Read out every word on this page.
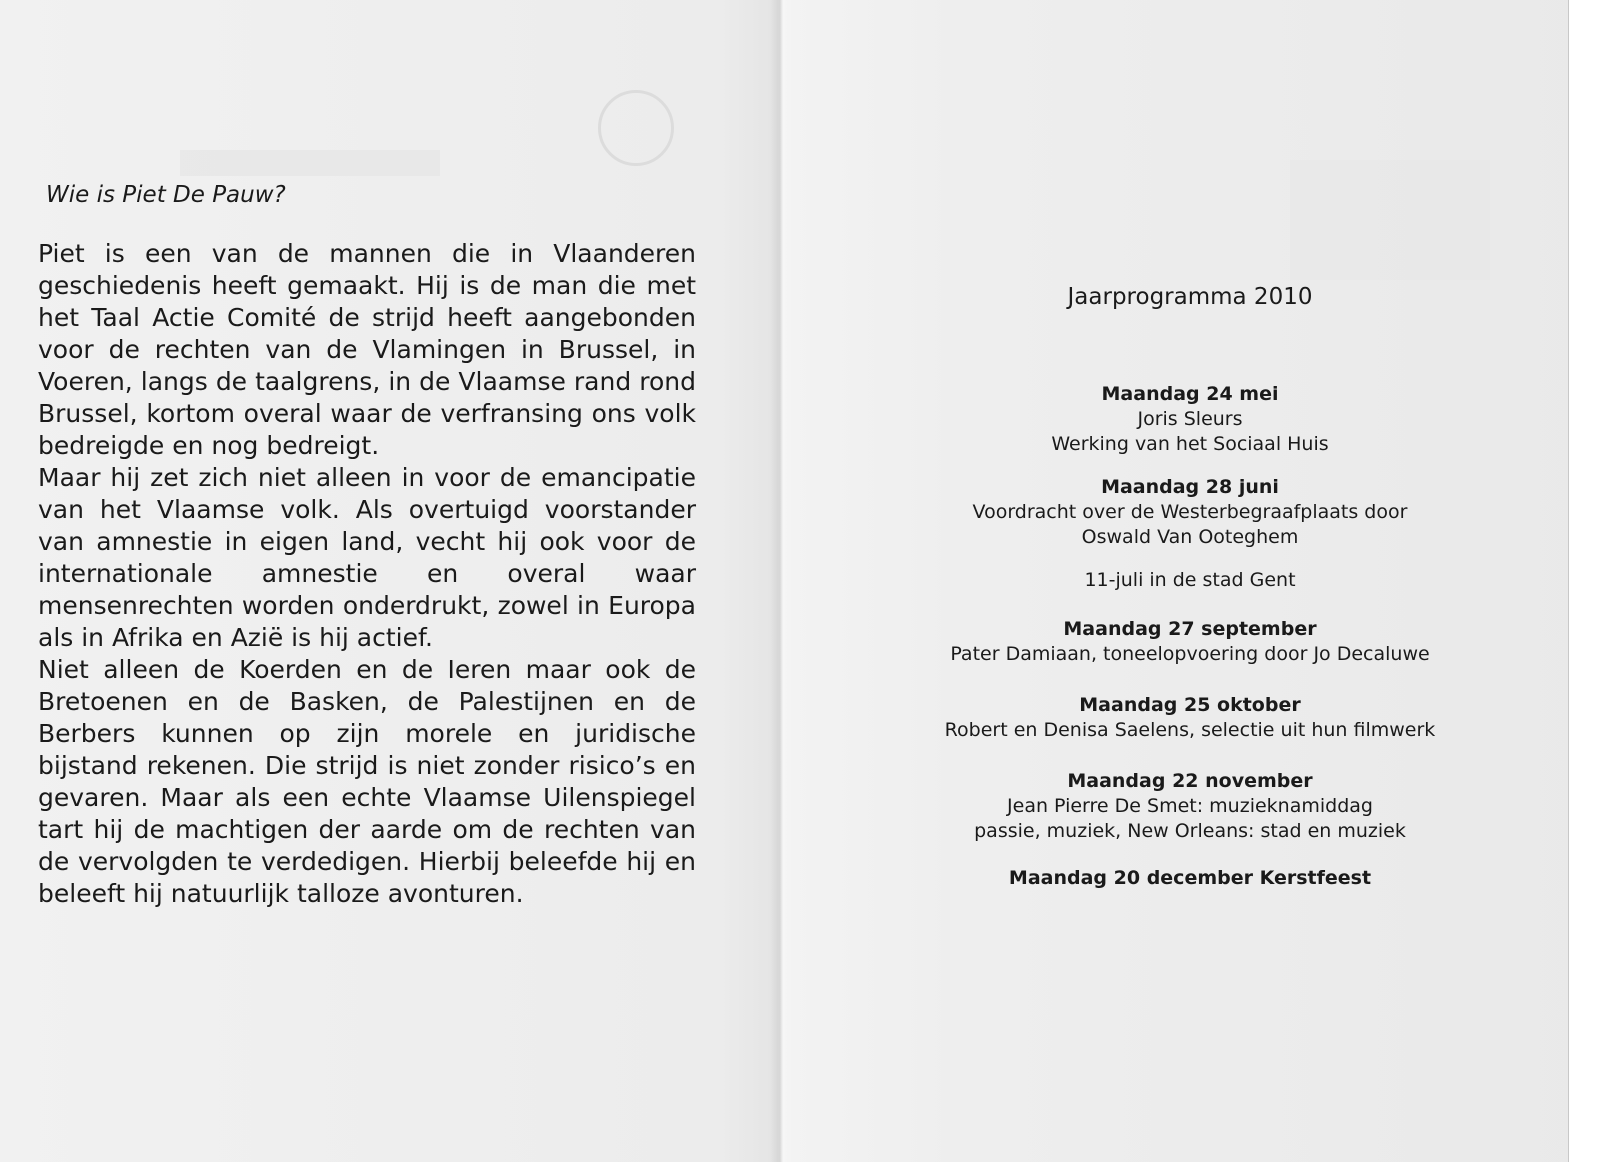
Wie is Piet De Pauw?

Piet is een van de mannen die in Vlaanderen geschiedenis heeft gemaakt. Hij is de man die met het Taal Actie Comité de strijd heeft aangebonden voor de rechten van de Vlamingen in Brussel, in Voeren, langs de taalgrens, in de Vlaamse rand rond Brussel, kortom overal waar de verfransing ons volk bedreigde en nog bedreigt.

Maar hij zet zich niet alleen in voor de emancipatie van het Vlaamse volk. Als overtuigd voorstander van amnestie in eigen land, vecht hij ook voor de internationale amnestie en overal waar mensenrechten worden onderdrukt, zowel in Europa als in Afrika en Azië is hij actief.

Niet alleen de Koerden en de Ieren maar ook de Bretoenen en de Basken, de Palestijnen en de Berbers kunnen op zijn morele en juridische bijstand rekenen. Die strijd is niet zonder risico’s en gevaren. Maar als een echte Vlaamse Uilenspiegel tart hij de machtigen der aarde om de rechten van de vervolgden te verdedigen. Hierbij beleefde hij en beleeft hij natuurlijk talloze avonturen.

Jaarprogramma 2010
Maandag 24 mei
Joris Sleurs
Werking van het Sociaal Huis
Maandag 28 juni
Voordracht over de Westerbegraafplaats door
Oswald Van Ooteghem
11-juli in de stad Gent
Maandag 27 september
Pater Damiaan, toneelopvoering door Jo Decaluwe
Maandag 25 oktober
Robert en Denisa Saelens, selectie uit hun filmwerk
Maandag 22 november
Jean Pierre De Smet: muzieknamiddag
passie, muziek, New Orleans: stad en muziek
Maandag 20 december Kerstfeest
